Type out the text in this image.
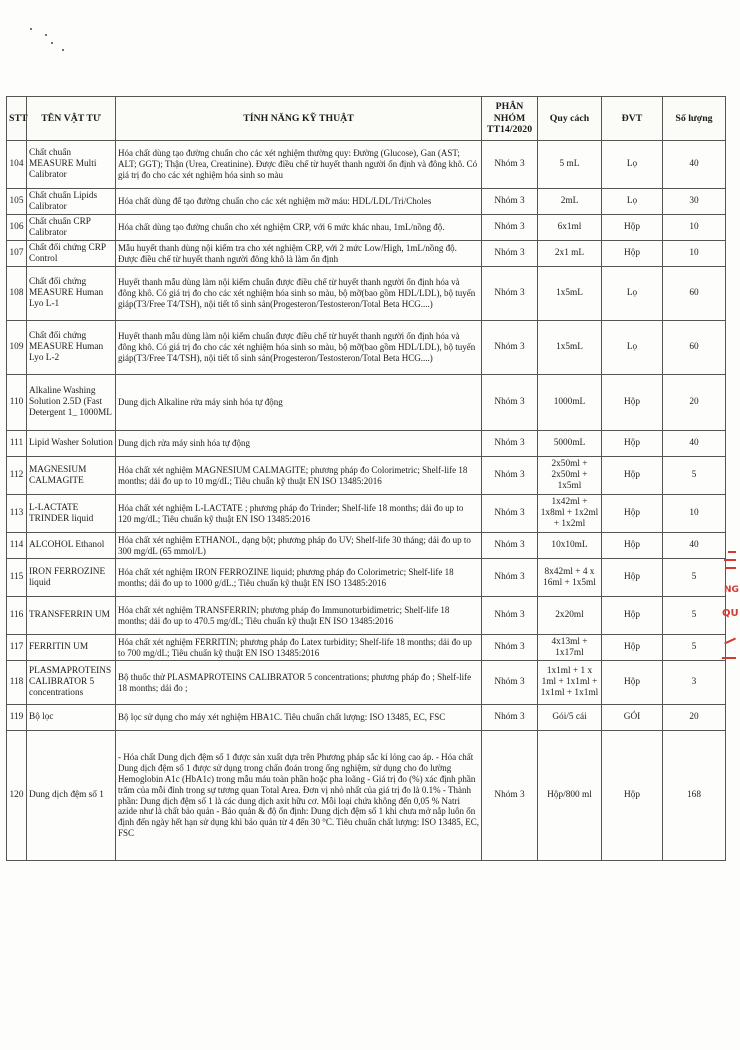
STT	TÊN VẬT TƯ	TÍNH NĂNG KỸ THUẬT	PHÂN NHÓM TT14/2020	Quy cách	ĐVT	Số lượng
104	Chất chuẩn MEASURE Multi Calibrator	Hóa chất dùng tạo đường chuẩn cho các xét nghiệm thường quy: Đường (Glucose), Gan (AST; ALT; GGT); Thận (Urea, Creatinine). Được điều chế từ huyết thanh người ổn định và đông khô. Có giá trị đo cho các xét nghiệm hóa sinh so màu	Nhóm 3	5 mL	Lọ	40
105	Chất chuẩn Lipids Calibrator	Hóa chất dùng để tạo đường chuẩn cho các xét nghiệm mỡ máu: HDL/LDL/Tri/Choles	Nhóm 3	2mL	Lọ	30
106	Chất chuẩn CRP Calibrator	Hóa chất dùng tạo đường chuẩn cho xét nghiệm CRP, với 6 mức khác nhau, 1mL/nồng độ.	Nhóm 3	6x1ml	Hộp	10
107	Chất đối chứng CRP Control	Mẫu huyết thanh dùng nội kiểm tra cho xét nghiệm CRP, với 2 mức Low/High, 1mL/nồng độ. Được điều chế từ huyết thanh người đông khô là làm ổn định	Nhóm 3	2x1 mL	Hộp	10
108	Chất đối chứng MEASURE Human Lyo L-1	Huyết thanh mẫu dùng làm nội kiểm chuẩn được điều chế từ huyết thanh người ổn định hóa và đông khô. Có giá trị đo cho các xét nghiệm hóa sinh so màu, bộ mỡ(bao gồm HDL/LDL), bộ tuyến giáp(T3/Free T4/TSH), nội tiết tố sinh sản(Progesteron/Testosteron/Total Beta HCG....)	Nhóm 3	1x5mL	Lọ	60
109	Chất đối chứng MEASURE Human Lyo L-2	Huyết thanh mẫu dùng làm nội kiểm chuẩn được điều chế từ huyết thanh người ổn định hóa và đông khô. Có giá trị đo cho các xét nghiệm hóa sinh so màu, bộ mỡ(bao gồm HDL/LDL), bộ tuyến giáp(T3/Free T4/TSH), nội tiết tố sinh sản(Progesteron/Testosteron/Total Beta HCG....)	Nhóm 3	1x5mL	Lọ	60
110	Alkaline Washing Solution 2.5D (Fast Detergent 1_ 1000ML	Dung dịch Alkaline rửa máy sinh hóa tự động	Nhóm 3	1000mL	Hộp	20
111	Lipid Washer Solution	Dung dịch rửa máy sinh hóa tự động	Nhóm 3	5000mL	Hộp	40
112	MAGNESIUM CALMAGITE	Hóa chất xét nghiệm MAGNESIUM CALMAGITE; phương pháp đo Colorimetric; Shelf-life 18 months; dải đo up to 10 mg/dL; Tiêu chuẩn kỹ thuật EN ISO 13485:2016	Nhóm 3	2x50ml + 2x50ml + 1x5ml	Hộp	5
113	L-LACTATE TRINDER liquid	Hóa chất xét nghiệm L-LACTATE ; phương pháp đo Trinder; Shelf-life 18 months; dải đo up to 120 mg/dL; Tiêu chuẩn kỹ thuật EN ISO 13485:2016	Nhóm 3	1x42ml + 1x8ml + 1x2ml + 1x2ml	Hộp	10
114	ALCOHOL Ethanol	Hóa chất xét nghiệm ETHANOL, dạng bột; phương pháp đo UV; Shelf-life 30 tháng; dải đo up to 300 mg/dL (65 mmol/L)	Nhóm 3	10x10mL	Hộp	40
115	IRON FERROZINE liquid	Hóa chất xét nghiệm IRON FERROZINE liquid; phương pháp đo Colorimetric; Shelf-life 18 months; dải đo up to 1000 g/dL.; Tiêu chuẩn kỹ thuật EN ISO 13485:2016	Nhóm 3	8x42ml + 4 x 16ml + 1x5ml	Hộp	5
116	TRANSFERRIN UM	Hóa chất xét nghiệm TRANSFERRIN; phương pháp đo Immunoturbidimetric; Shelf-life 18 months; dải đo up to 470.5 mg/dL; Tiêu chuẩn kỹ thuật EN ISO 13485:2016	Nhóm 3	2x20ml	Hộp	5
117	FERRITIN UM	Hóa chất xét nghiệm FERRITIN; phương pháp đo Latex turbidity; Shelf-life 18 months; dải đo up to 700 mg/dL; Tiêu chuẩn kỹ thuật EN ISO 13485:2016	Nhóm 3	4x13ml + 1x17ml	Hộp	5
118	PLASMAPROTEINS CALIBRATOR 5 concentrations	Bộ thuốc thử PLASMAPROTEINS CALIBRATOR 5 concentrations; phương pháp đo ; Shelf-life 18 months; dải đo ;	Nhóm 3	1x1ml + 1 x 1ml + 1x1ml + 1x1ml + 1x1ml	Hộp	3
119	Bộ lọc	Bộ lọc sử dụng cho máy xét nghiệm HBA1C. Tiêu chuẩn chất lượng: ISO 13485, EC, FSC	Nhóm 3	Gói/5 cái	GÓI	20
120	Dung dịch đệm số 1	- Hóa chất Dung dịch đệm số 1 được sản xuất dựa trên Phương pháp sắc kí lỏng cao áp. - Hóa chất Dung dịch đệm số 1 được sử dụng trong chẩn đoán trong ống nghiệm, sử dụng cho đo lường Hemoglobin A1c (HbA1c) trong mẫu máu toàn phần hoặc pha loãng - Giá trị đo (%) xác định phần trăm của mỗi đỉnh trong sự tương quan Total Area. Đơn vị nhỏ nhất của giá trị đo là 0.1% - Thành phần: Dung dịch đệm số 1 là các dung dịch axit hữu cơ. Mỗi loại chứa không đến 0,05 % Natri azide như là chất bảo quản - Bảo quản & độ ổn định: Dung dịch đệm số 1 khi chưa mở nắp luôn ổn định đến ngày hết hạn sử dụng khi bảo quản từ 4 đến 30 °C. Tiêu chuẩn chất lượng: ISO 13485, EC, FSC	Nhóm 3	Hộp/800 ml	Hộp	168
NG
QU
